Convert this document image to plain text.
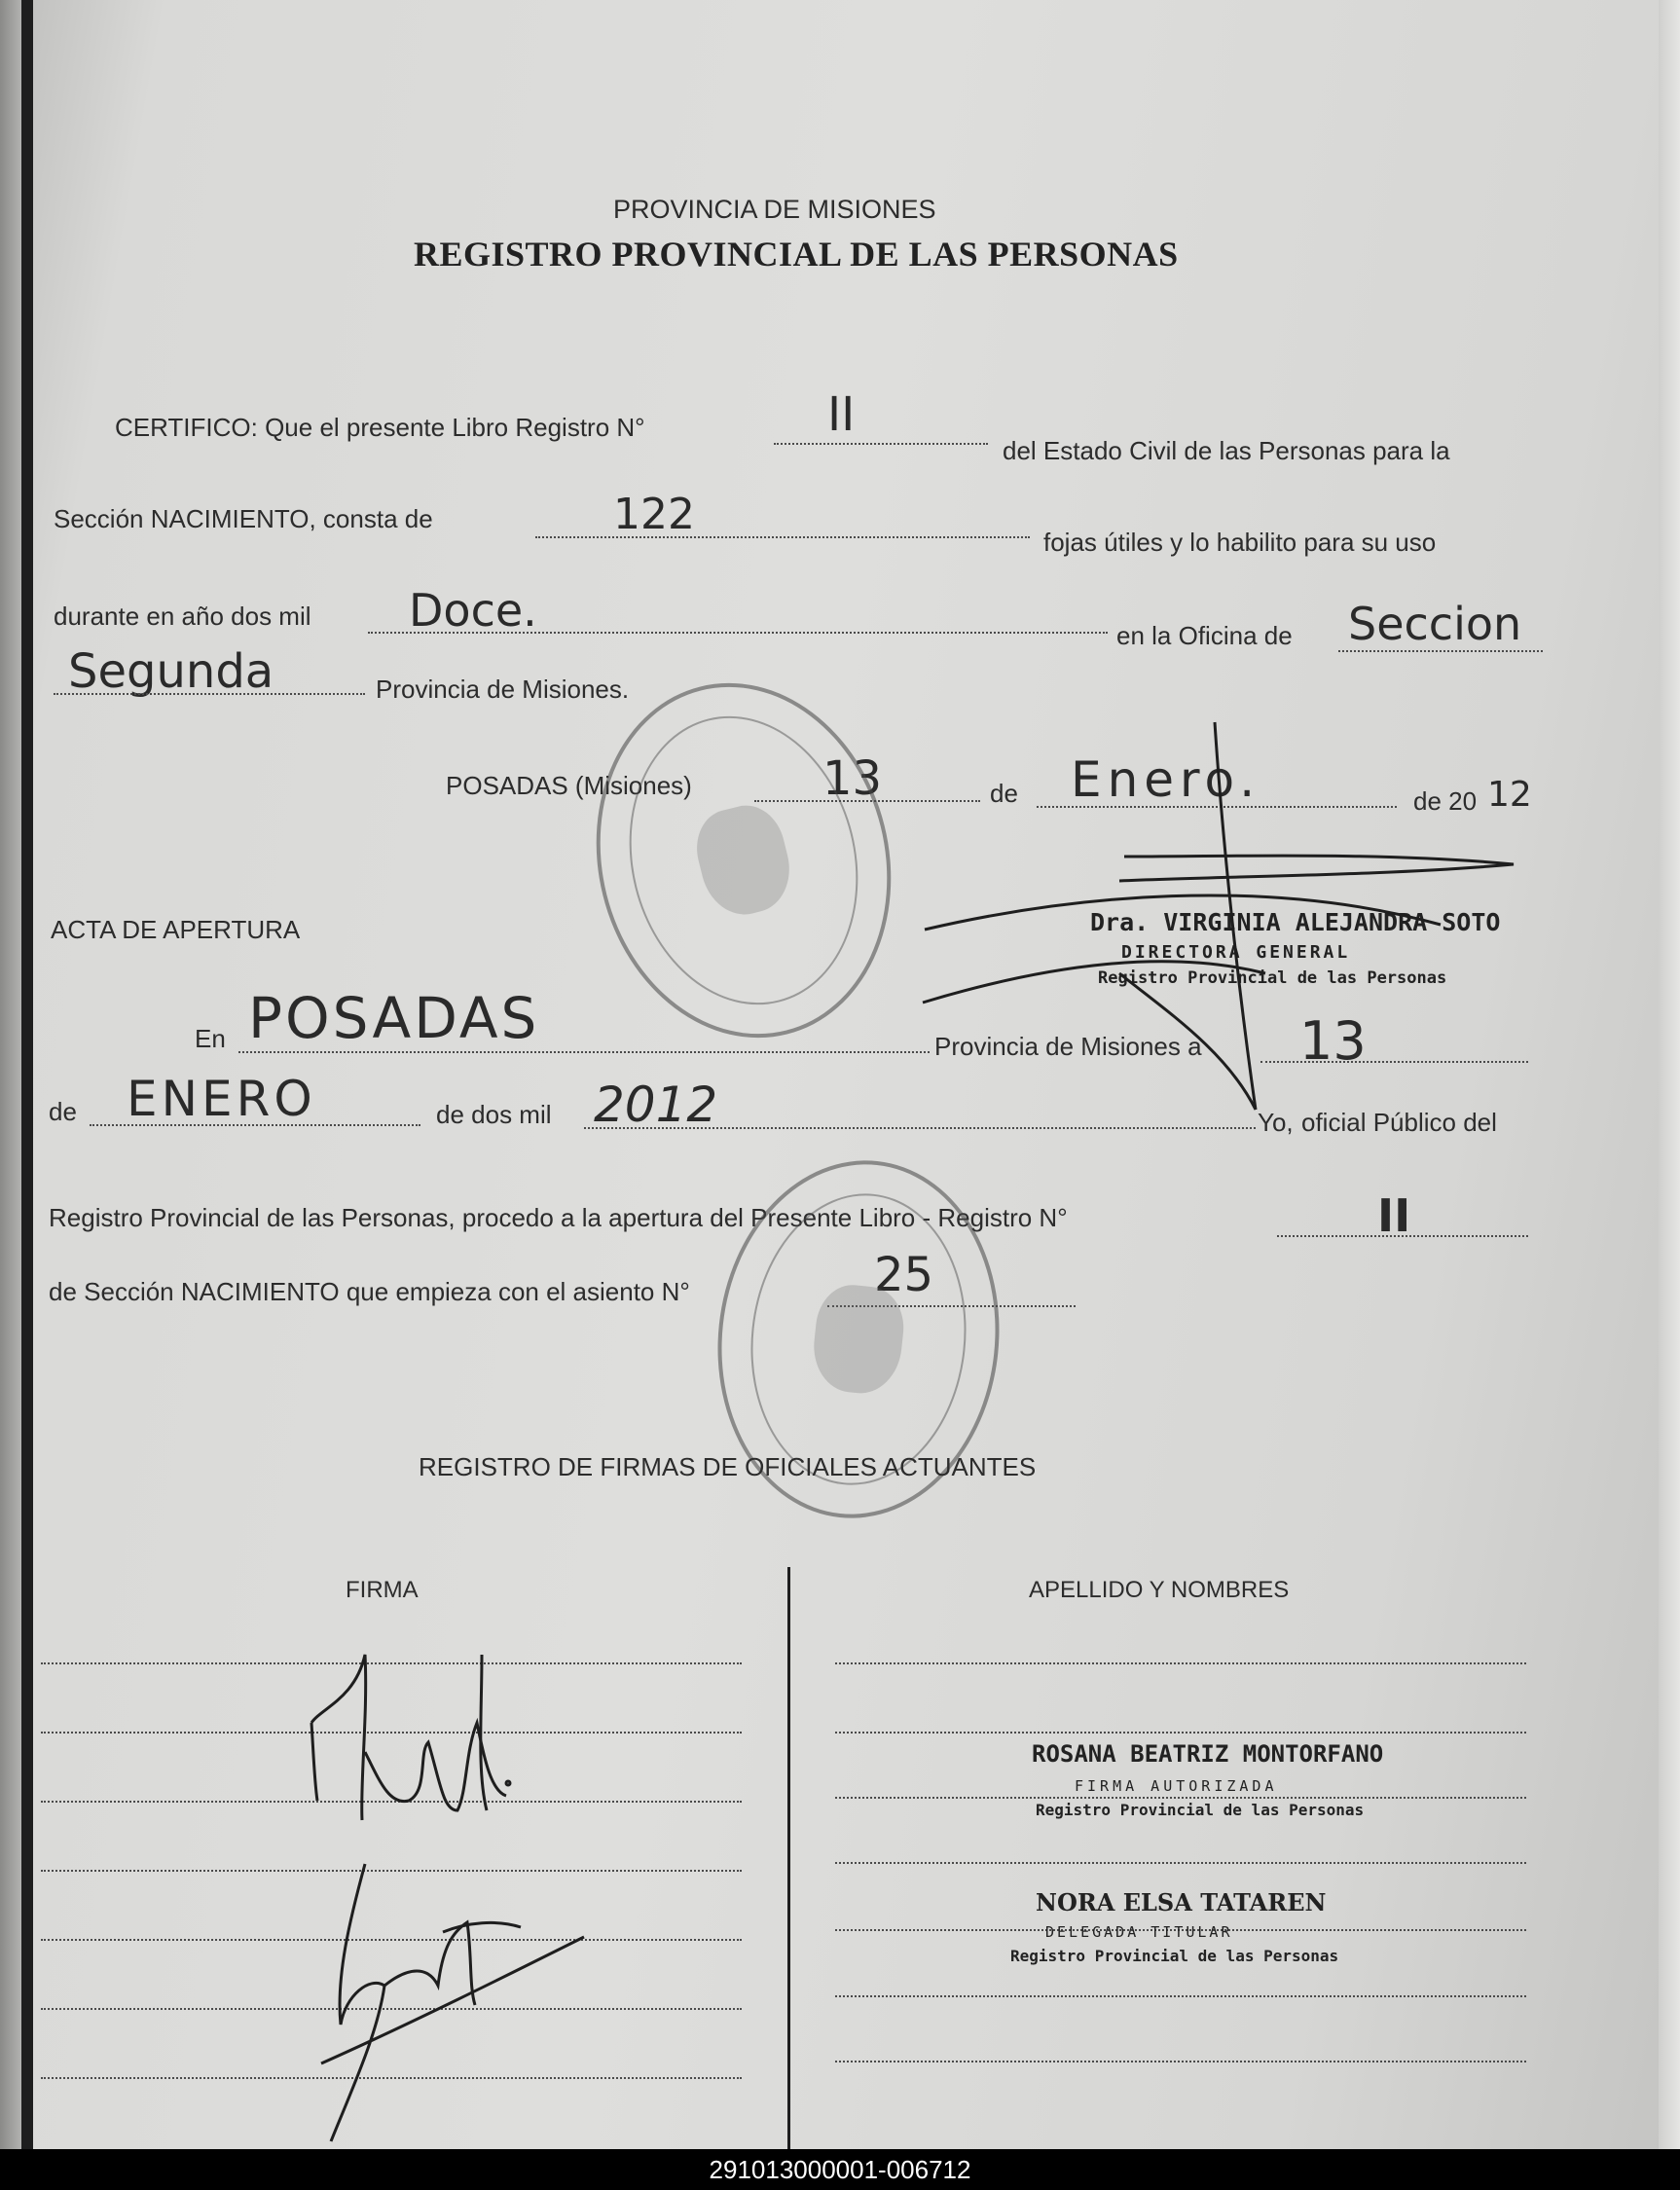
PROVINCIA DE MISIONES
REGISTRO PROVINCIAL DE LAS PERSONAS
CERTIFICO: Que el presente Libro Registro N°	II
del Estado Civil de las Personas para la
Sección NACIMIENTO, consta de	122
fojas útiles y lo habilito para su uso
durante en año dos mil Doce.	en la Oficina de Seccion
Segunda	Provincia de Misiones.
POSADAS (Misiones)	13	de Enero.	de 20 12
Dra. VIRGINIA ALEJANDRA SOTO
DIRECTORA GENERAL
Registro Provincial de las Personas
ACTA DE APERTURA
En POSADAS	Provincia de Misiones a 13
de ENERO	de dos mil 2012	Yo, oficial Público del
Registro Provincial de las Personas, procedo a la apertura del Presente Libro - Registro N°	II
de Sección NACIMIENTO que empieza con el asiento N°	25
REGISTRO DE FIRMAS DE OFICIALES ACTUANTES
FIRMA	APELLIDO Y NOMBRES
ROSANA BEATRIZ MONTORFANO
FIRMA AUTORIZADA
Registro Provincial de las Personas
NORA ELSA TATAREN
DELEGADA TITULAR
Registro Provincial de las Personas
291013000001-006712
